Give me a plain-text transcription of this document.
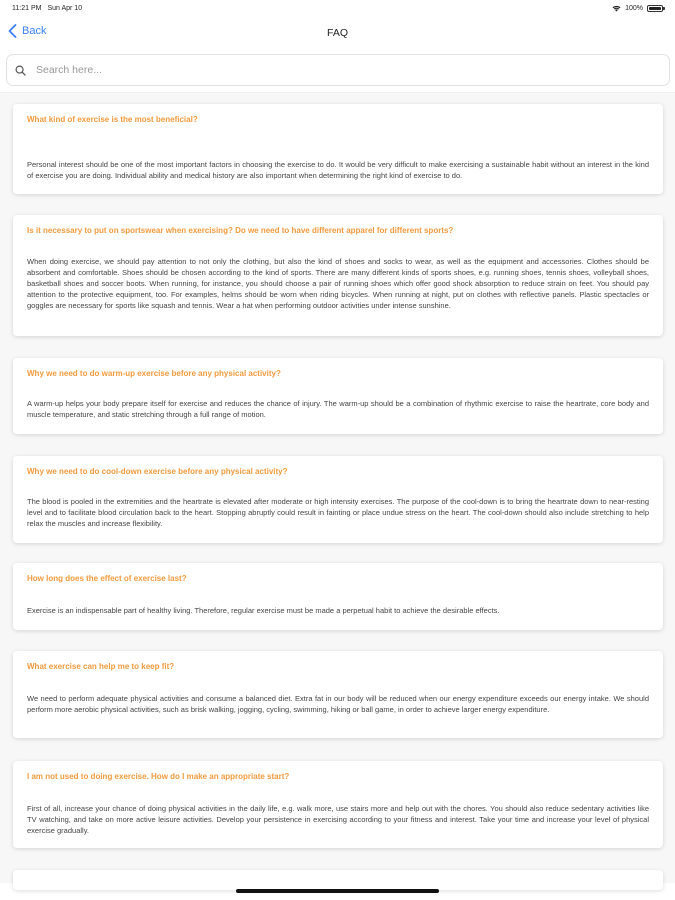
11:21 PM Sun Apr 10	100%
Back	FAQ
Search here...
What kind of exercise is the most beneficial?
Personal interest should be one of the most important factors in choosing the exercise to do. It would be very difficult to make exercising a sustainable habit without an interest in the kind of exercise you are doing. Individual ability and medical history are also important when determining the right kind of exercise to do.
Is it necessary to put on sportswear when exercising? Do we need to have different apparel for different sports?
When doing exercise, we should pay attention to not only the clothing, but also the kind of shoes and socks to wear, as well as the equipment and accessories. Clothes should be absorbent and comfortable. Shoes should be chosen according to the kind of sports. There are many different kinds of sports shoes, e.g. running shoes, tennis shoes, volleyball shoes, basketball shoes and soccer boots. When running, for instance, you should choose a pair of running shoes which offer good shock absorption to reduce strain on feet. You should pay attention to the protective equipment, too. For examples, helms should be worn when riding bicycles. When running at night, put on clothes with reflective panels. Plastic spectacles or goggles are necessary for sports like squash and tennis. Wear a hat when performing outdoor activities under intense sunshine.
Why we need to do warm-up exercise before any physical activity?
A warm-up helps your body prepare itself for exercise and reduces the chance of injury. The warm-up should be a combination of rhythmic exercise to raise the heartrate, core body and muscle temperature, and static stretching through a full range of motion.
Why we need to do cool-down exercise before any physical activity?
The blood is pooled in the extremities and the heartrate is elevated after moderate or high intensity exercises. The purpose of the cool-down is to bring the heartrate down to near-resting level and to facilitate blood circulation back to the heart. Stopping abruptly could result in fainting or place undue stress on the heart. The cool-down should also include stretching to help relax the muscles and increase flexibility.
How long does the effect of exercise last?
Exercise is an indispensable part of healthy living. Therefore, regular exercise must be made a perpetual habit to achieve the desirable effects.
What exercise can help me to keep fit?
We need to perform adequate physical activities and consume a balanced diet. Extra fat in our body will be reduced when our energy expenditure exceeds our energy intake. We should perform more aerobic physical activities, such as brisk walking, jogging, cycling, swimming, hiking or ball game, in order to achieve larger energy expenditure.
I am not used to doing exercise. How do I make an appropriate start?
First of all, increase your chance of doing physical activities in the daily life, e.g. walk more, use stairs more and help out with the chores. You should also reduce sedentary activities like TV watching, and take on more active leisure activities. Develop your persistence in exercising according to your fitness and interest. Take your time and increase your level of physical exercise gradually.
